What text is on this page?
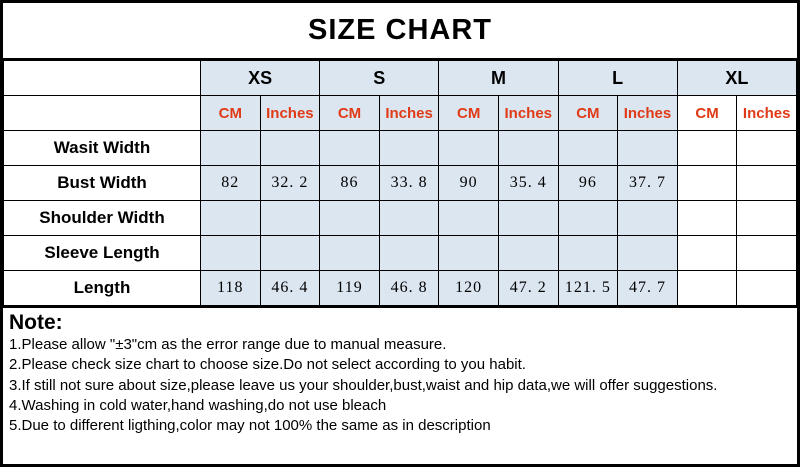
SIZE CHART
	XS		S		M		L		XL	
	CM	Inches	CM	Inches	CM	Inches	CM	Inches	CM	Inches
Wasit Width										
Bust Width	82	32. 2	86	33. 8	90	35. 4	96	37. 7		
Shoulder Width										
Sleeve Length										
Length	118	46. 4	119	46. 8	120	47. 2	121. 5	47. 7		
Note:
1.Please allow "±3"cm as the error range due to manual measure.
2.Please check size chart to choose size.Do not select according to you habit.
3.If still not sure about size,please leave us your shoulder,bust,waist and hip data,we will offer suggestions.
4.Washing in cold water,hand washing,do not use bleach
5.Due to different ligthing,color may not 100% the same as in description
